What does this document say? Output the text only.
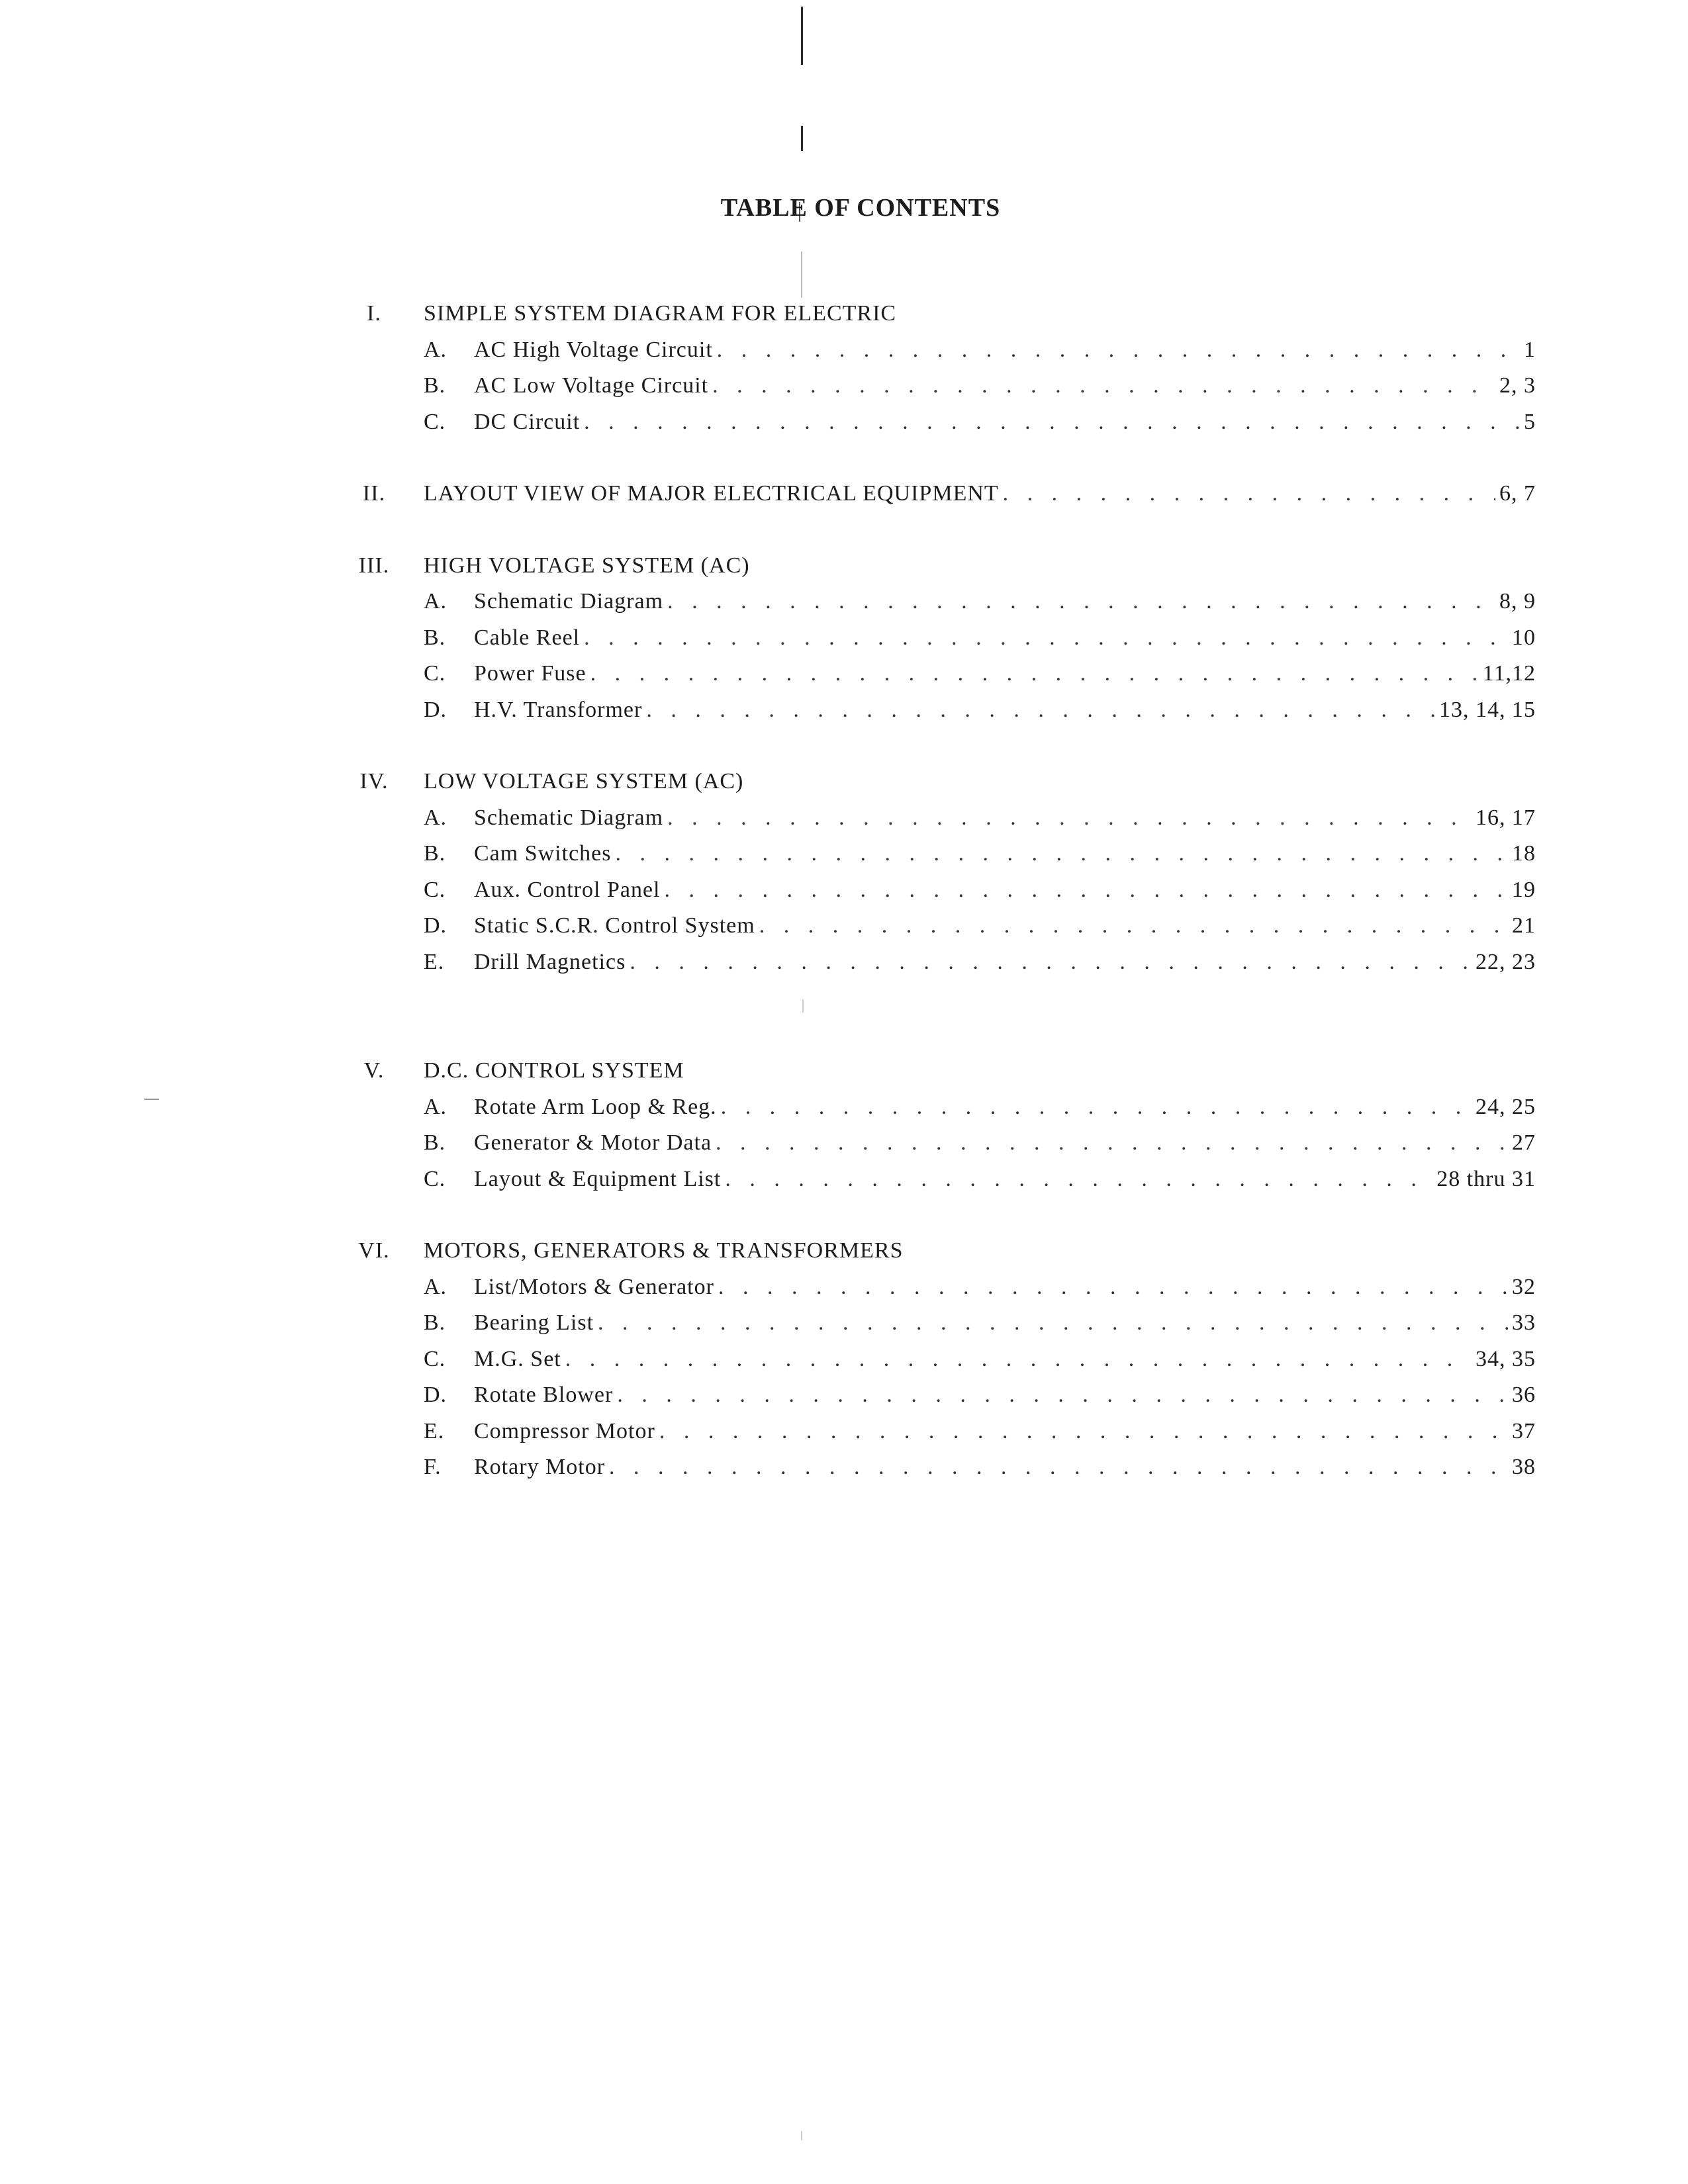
TABLE OF CONTENTS
I.	SIMPLE SYSTEM DIAGRAM FOR ELECTRIC
A.	AC High Voltage Circuit . . .	1
B.	AC Low Voltage Circuit . . .	2, 3
C.	DC Circuit . . .	5
II.	LAYOUT VIEW OF MAJOR ELECTRICAL EQUIPMENT . . .	6, 7
III.	HIGH VOLTAGE SYSTEM (AC)
A.	Schematic Diagram . . .	8, 9
B.	Cable Reel . . .	10
C.	Power Fuse . . .	11,12
D.	H.V. Transformer . . .	13, 14, 15
IV.	LOW VOLTAGE SYSTEM (AC)
A.	Schematic Diagram . . .	16, 17
B.	Cam Switches . . .	18
C.	Aux. Control Panel . . .	19
D.	Static S.C.R. Control System . . .	21
E.	Drill Magnetics . . .	22, 23
V.	D.C. CONTROL SYSTEM
A.	Rotate Arm Loop & Reg. . . .	24, 25
B.	Generator & Motor Data . . .	27
C.	Layout & Equipment List . . .	28 thru 31
VI.	MOTORS, GENERATORS & TRANSFORMERS
A.	List/Motors & Generator . . .	32
B.	Bearing List . . .	33
C.	M.G. Set . . .	34, 35
D.	Rotate Blower . . .	36
E.	Compressor Motor . . .	37
F.	Rotary Motor . . .	38
